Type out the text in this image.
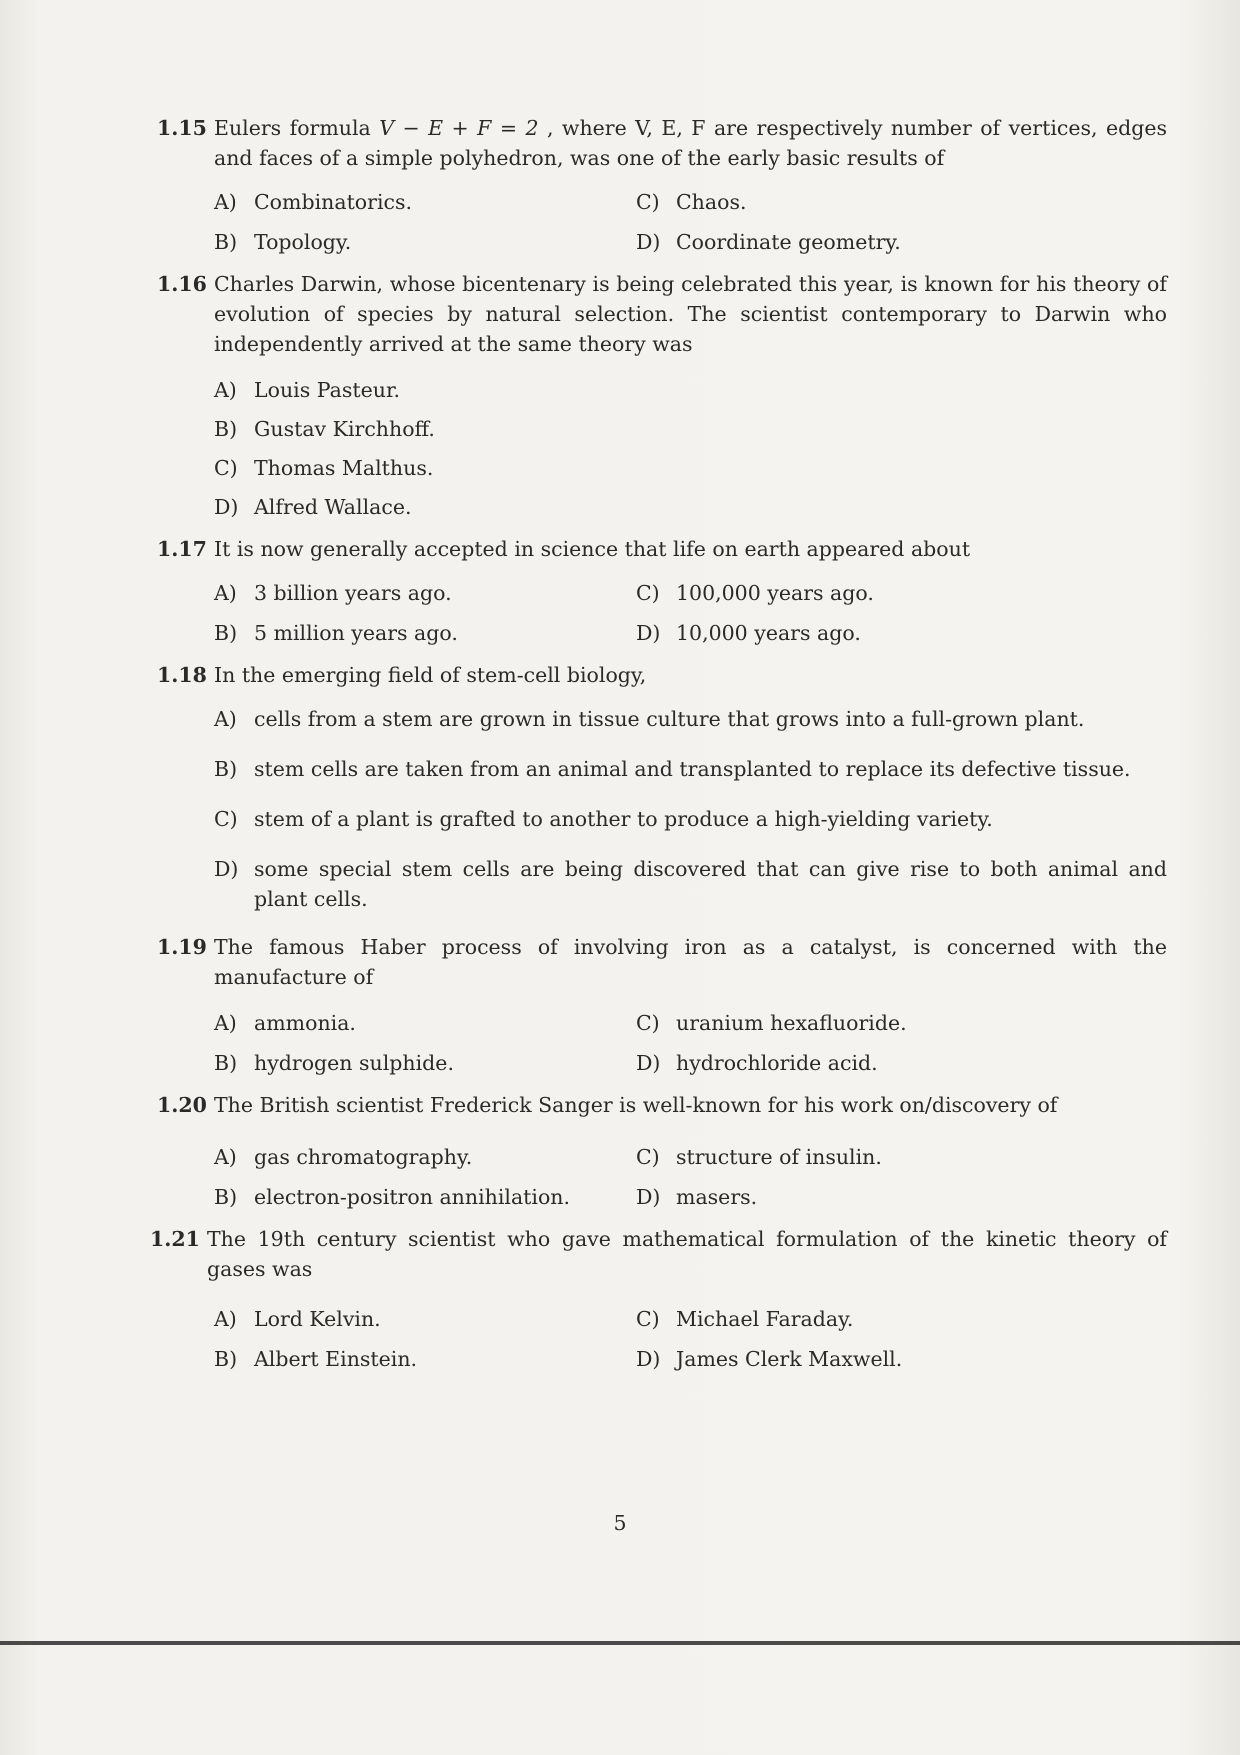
1.15 Eulers formula V − E + F = 2 , where V, E, F are respectively number of vertices, edges and faces of a simple polyhedron, was one of the early basic results of
A) Combinatorics.	C) Chaos.
B) Topology.	D) Coordinate geometry.
1.16 Charles Darwin, whose bicentenary is being celebrated this year, is known for his theory of evolution of species by natural selection. The scientist contemporary to Darwin who independently arrived at the same theory was
A) Louis Pasteur.
B) Gustav Kirchhoff.
C) Thomas Malthus.
D) Alfred Wallace.
1.17 It is now generally accepted in science that life on earth appeared about
A) 3 billion years ago.	C) 100,000 years ago.
B) 5 million years ago.	D) 10,000 years ago.
1.18 In the emerging field of stem-cell biology,
A) cells from a stem are grown in tissue culture that grows into a full-grown plant.
B) stem cells are taken from an animal and transplanted to replace its defective tissue.
C) stem of a plant is grafted to another to produce a high-yielding variety.
D) some special stem cells are being discovered that can give rise to both animal and plant cells.
1.19 The famous Haber process of involving iron as a catalyst, is concerned with the manufacture of
A) ammonia.	C) uranium hexafluoride.
B) hydrogen sulphide.	D) hydrochloride acid.
1.20 The British scientist Frederick Sanger is well-known for his work on/discovery of
A) gas chromatography.	C) structure of insulin.
B) electron-positron annihilation.	D) masers.
1.21 The 19th century scientist who gave mathematical formulation of the kinetic theory of gases was
A) Lord Kelvin.	C) Michael Faraday.
B) Albert Einstein.	D) James Clerk Maxwell.
5
